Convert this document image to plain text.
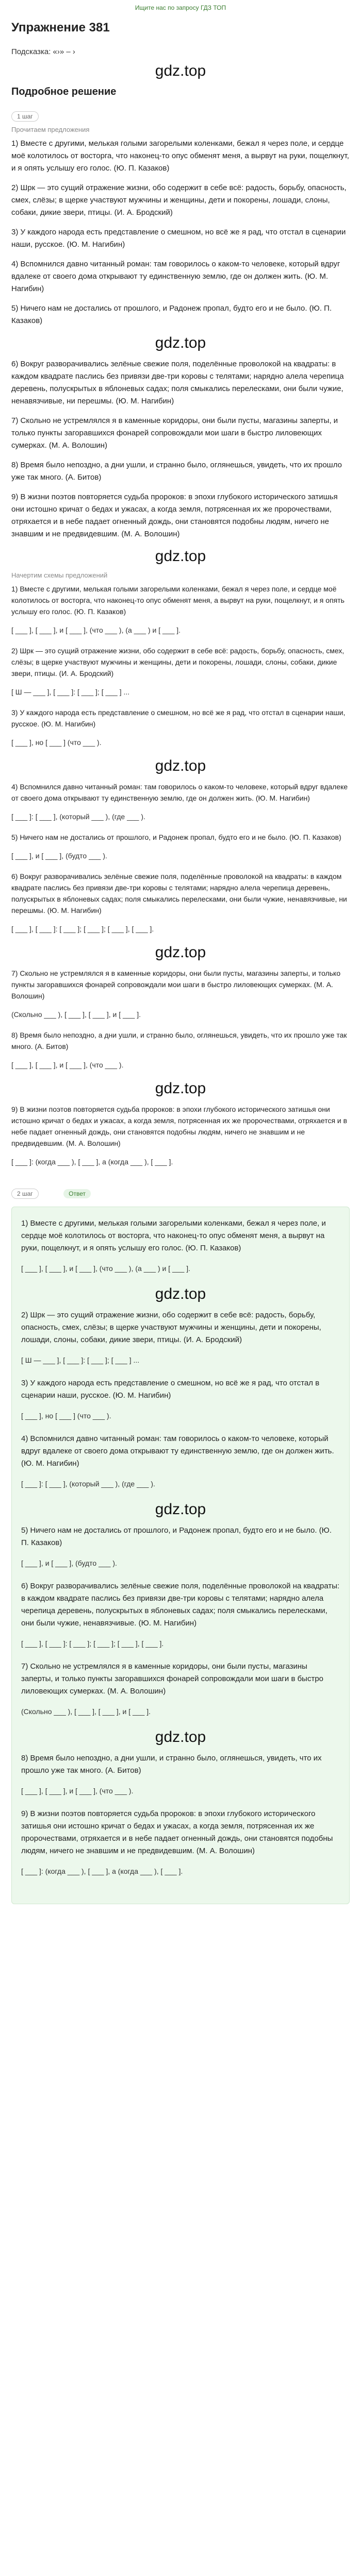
Ищите нас по запросу ГДЗ ТОП
Упражнение 381
Подсказка: «›» – ›
gdz.top
Подробное решение
1 шаг
Прочитаем предложения
1) Вместе с другими, мелькая голыми загорелыми коленками, бежал я через поле, и сердце моё колотилось от восторга, что наконец-то опус обменят меня, а вырвут на руки, пощелкнут, и я опять услышу его голос. (Ю. П. Казаков)
2) Шрк — это сущий отражение жизни, обо содержит в себе всё: радость, борьбу, опасность, смех, слёзы; в щерке участвуют мужчины и женщины, дети и покорены, лошади, слоны, собаки, дикие звери, птицы. (И. А. Бродский)
3) У каждого народа есть представление о смешном, но всё же я рад, что отстал в сценарии наши, русское. (Ю. М. Нагибин)
4) Вспомнился давно читанный роман: там говорилось о каком-то человеке, который вдруг вдалеке от своего дома открывают ту единственную землю, где он должен жить. (Ю. М. Нагибин)
5) Ничего нам не достались от прошлого, и Радонеж пропал, будто его и не было. (Ю. П. Казаков)
gdz.top
6) Вокруг разворачивались зелёные свежие поля, поделённые проволокой на квадраты: в каждом квадрате паслись без привязи две-три коровы с телятами; нарядно алела черепица деревень, полускрытых в яблоневых садах; поля смыкались перелесками, они были чужие, ненавязчивые, ни перешмы. (Ю. М. Нагибин)
7) Скольно не устремлялся я в каменные коридоры, они были пусты, магазины заперты, и только пункты загоравшихся фонарей сопровождали мои шаги в быстро лиловеющих сумерках. (М. А. Волошин)
8) Время было непоздно, а дни ушли, и странно было, оглянешься, увидеть, что их прошло уже так много. (А. Битов)
9) В жизни поэтов повторяется судьба пророков: в эпохи глубокого исторического затишья они истошно кричат о бедах и ужасах, а когда земля, потрясенная их же пророчествами, отряхается и в небе падает огненный дождь, они становятся подобны людям, ничего не знавшим и не предвидевшим. (М. А. Волошин)
gdz.top
Начертим схемы предложений
1) Вместе с другими, мелькая голыми загорелыми коленками, бежал я через поле, и сердце моё колотилось от восторга, что наконец-то опус обменят меня, а вырвут на руки, пощелкнут, и я опять услышу его голос. (Ю. П. Казаков)
[ ___ ], [ ___ ], и [ ___ ], (что ___ ), (а ___ ) и [ ___ ].
2) Шрк — это сущий отражение жизни, обо содержит в себе всё: радость, борьбу, опасность, смех, слёзы; в щерке участвуют мужчины и женщины, дети и покорены, лошади, слоны, собаки, дикие звери, птицы. (И. А. Бродский)
[ Ш — ___ ], [ ___ ]: [ ___ ]; [ ___ ] ...
3) У каждого народа есть представление о смешном, но всё же я рад, что отстал в сценарии наши, русское. (Ю. М. Нагибин)
[ ___ ], но [ ___ ] (что ___ ).
gdz.top
4) Вспомнился давно читанный роман: там говорилось о каком-то человеке, который вдруг вдалеке от своего дома открывают ту единственную землю, где он должен жить. (Ю. М. Нагибин)
[ ___ ]: [ ___ ], (который ___ ), (где ___ ).
5) Ничего нам не достались от прошлого, и Радонеж пропал, будто его и не было. (Ю. П. Казаков)
[ ___ ], и [ ___ ], (будто ___ ).
6) Вокруг разворачивались зелёные свежие поля, поделённые проволокой на квадраты: в каждом квадрате паслись без привязи две-три коровы с телятами; нарядно алела черепица деревень, полускрытых в яблоневых садах; поля смыкались перелесками, они были чужие, ненавязчивые, ни перешмы. (Ю. М. Нагибин)
[ ___ ], [ ___ ]: [ ___ ]; [ ___ ]; [ ___ ], [ ___ ].
gdz.top
7) Скольно не устремлялся я в каменные коридоры, они были пусты, магазины заперты, и только пункты загоравшихся фонарей сопровождали мои шаги в быстро лиловеющих сумерках. (М. А. Волошин)
(Скольно ___ ), [ ___ ], [ ___ ], и [ ___ ].
8) Время было непоздно, а дни ушли, и странно было, оглянешься, увидеть, что их прошло уже так много. (А. Битов)
[ ___ ], [ ___ ], и [ ___ ], (что ___ ).
gdz.top
9) В жизни поэтов повторяется судьба пророков: в эпохи глубокого исторического затишья они истошно кричат о бедах и ужасах, а когда земля, потрясенная их же пророчествами, отряхается и в небе падает огненный дождь, они становятся подобны людям, ничего не знавшим и не предвидевшим. (М. А. Волошин)
[ ___ ]: (когда ___ ), [ ___ ], а (когда ___ ), [ ___ ].
2 шаг	Ответ
1) Вместе с другими, мелькая голыми загорелыми коленками, бежал я через поле, и сердце моё колотилось от восторга, что наконец-то опус обменят меня, а вырвут на руки, пощелкнут, и я опять услышу его голос. (Ю. П. Казаков)
[ ___ ], [ ___ ], и [ ___ ], (что ___ ), (а ___ ) и [ ___ ].
gdz.top
2) Шрк — это сущий отражение жизни, обо содержит в себе всё: радость, борьбу, опасность, смех, слёзы; в щерке участвуют мужчины и женщины, дети и покорены, лошади, слоны, собаки, дикие звери, птицы. (И. А. Бродский)
[ Ш — ___ ], [ ___ ]: [ ___ ]; [ ___ ] ...
3) У каждого народа есть представление о смешном, но всё же я рад, что отстал в сценарии наши, русское. (Ю. М. Нагибин)
[ ___ ], но [ ___ ] (что ___ ).
4) Вспомнился давно читанный роман: там говорилось о каком-то человеке, который вдруг вдалеке от своего дома открывают ту единственную землю, где он должен жить. (Ю. М. Нагибин)
[ ___ ]: [ ___ ], (который ___ ), (где ___ ).
gdz.top
5) Ничего нам не достались от прошлого, и Радонеж пропал, будто его и не было. (Ю. П. Казаков)
[ ___ ], и [ ___ ], (будто ___ ).
6) Вокруг разворачивались зелёные свежие поля, поделённые проволокой на квадраты: в каждом квадрате паслись без привязи две-три коровы с телятами; нарядно алела черепица деревень, полускрытых в яблоневых садах; поля смыкались перелесками, они были чужие, ненавязчивые. (Ю. М. Нагибин)
[ ___ ], [ ___ ]: [ ___ ]; [ ___ ]; [ ___ ], [ ___ ].
7) Скольно не устремлялся я в каменные коридоры, они были пусты, магазины заперты, и только пункты загоравшихся фонарей сопровождали мои шаги в быстро лиловеющих сумерках. (М. А. Волошин)
(Скольно ___ ), [ ___ ], [ ___ ], и [ ___ ].
gdz.top
8) Время было непоздно, а дни ушли, и странно было, оглянешься, увидеть, что их прошло уже так много. (А. Битов)
[ ___ ], [ ___ ], и [ ___ ], (что ___ ).
9) В жизни поэтов повторяется судьба пророков: в эпохи глубокого исторического затишья они истошно кричат о бедах и ужасах, а когда земля, потрясенная их же пророчествами, отряхается и в небе падает огненный дождь, они становятся подобны людям, ничего не знавшим и не предвидевшим. (М. А. Волошин)
[ ___ ]: (когда ___ ), [ ___ ], а (когда ___ ), [ ___ ].
